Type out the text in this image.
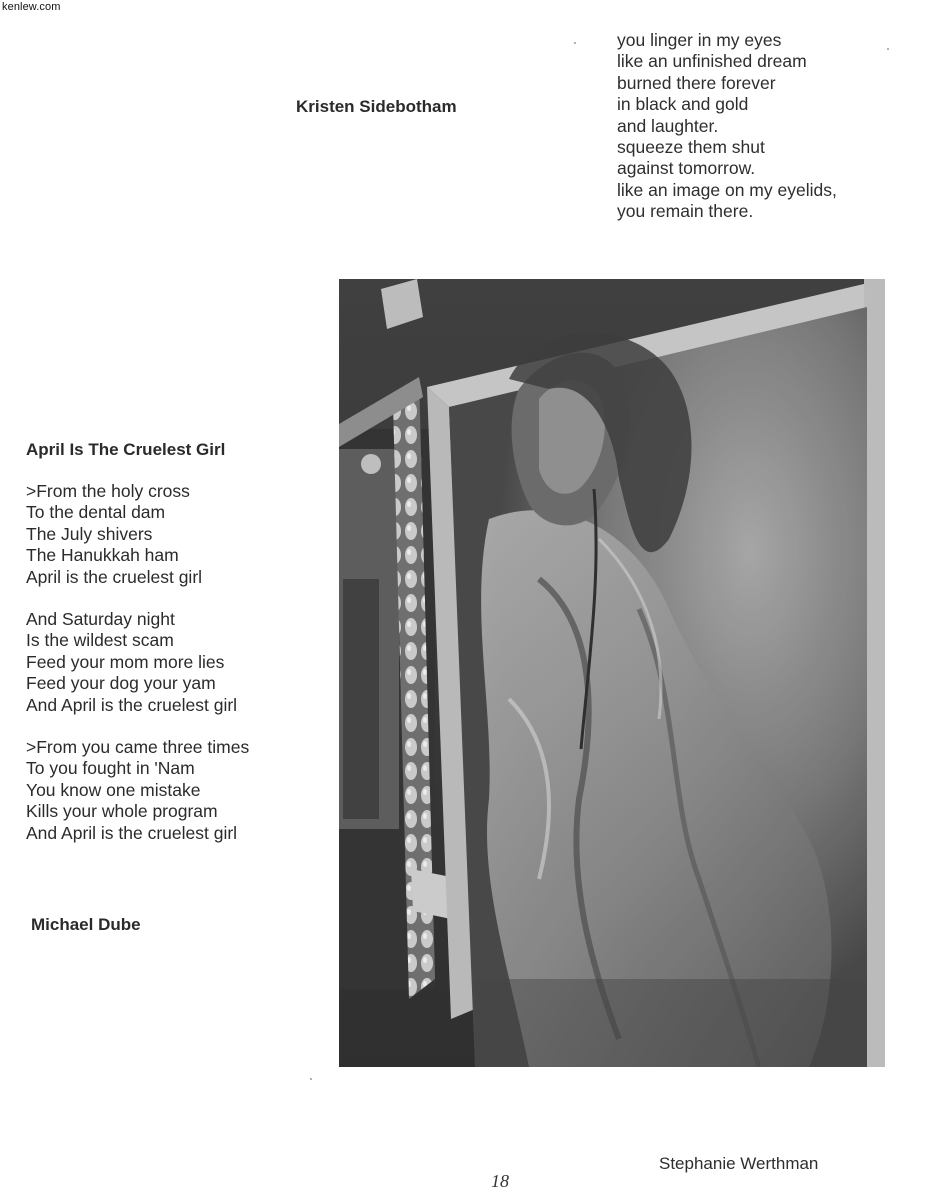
kenlew.com
Kristen Sidebotham
you linger in my eyes
like an unfinished dream
burned there forever
in black and gold
and laughter.
squeeze them shut
against tomorrow.
like an image on my eyelids,
you remain there.
April Is The Cruelest Girl
>From the holy cross
To the dental dam
The July shivers
The Hanukkah ham
April is the cruelest girl
And Saturday night
Is the wildest scam
Feed your mom more lies
Feed your dog your yam
And April is the cruelest girl
>From you came three times
To you fought in 'Nam
You know one mistake
Kills your whole program
And April is the cruelest girl
Michael Dube
Stephanie Werthman
18
